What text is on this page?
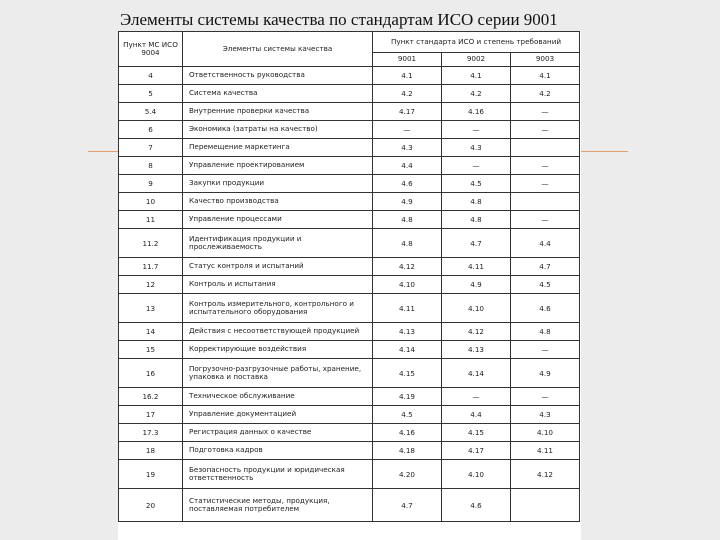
Элементы системы качества по стандартам ИСО серии 9001
Пункт МС ИСО 9004	Элементы системы качества	Пункт стандарта ИСО и степень требований		
		9001	9002	9003
4	Ответственность руководства	4.1	4.1	4.1
5	Система качества	4.2	4.2	4.2
5.4	Внутренние проверки качества	4.17	4.16	—
6	Экономика (затраты на качество)	—	—	—
7	Перемещение маркетинга	4.3	4.3	
8	Управление проектированием	4.4	—	—
9	Закупки продукции	4.6	4.5	—
10	Качество производства	4.9	4.8	
11	Управление процессами	4.8	4.8	—
11.2	Идентификация продукции и прослеживаемость	4.8	4.7	4.4
11.7	Статус контроля и испытаний	4.12	4.11	4.7
12	Контроль и испытания	4.10	4.9	4.5
13	Контроль измерительного, контрольного и испытательного оборудования	4.11	4.10	4.6
14	Действия с несоответствующей продукцией	4.13	4.12	4.8
15	Корректирующие воздействия	4.14	4.13	—
16	Погрузочно-разгрузочные работы, хранение, упаковка и поставка	4.15	4.14	4.9
16.2	Техническое обслуживание	4.19	—	—
17	Управление документацией	4.5	4.4	4.3
17.3	Регистрация данных о качестве	4.16	4.15	4.10
18	Подготовка кадров	4.18	4.17	4.11
19	Безопасность продукции и юридическая ответственность	4.20	4.10	4.12
20	Статистические методы, продукция, поставляемая потребителем	4.7	4.6	
